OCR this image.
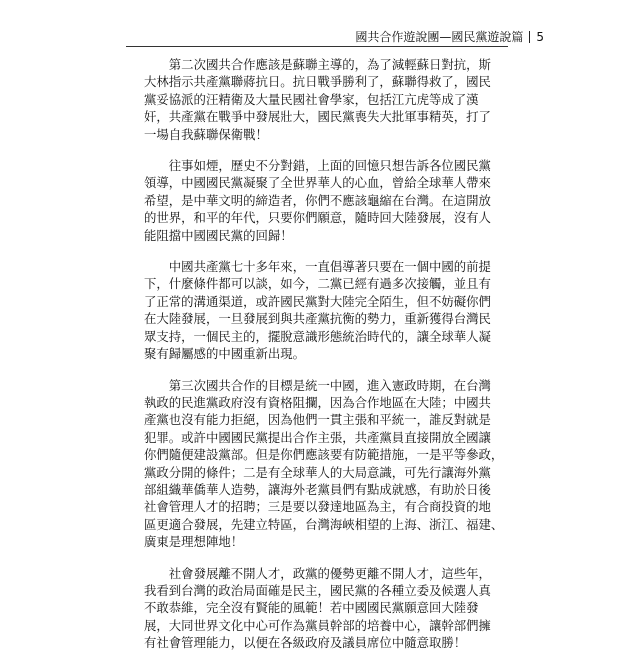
國共合作遊說團—國民黨遊說篇 5

第二次國共合作應該是蘇聯主導的，為了減輕蘇日對抗，斯
大林指示共產黨聯蔣抗日。抗日戰爭勝利了，蘇聯得救了，國民
黨妥協派的汪精衛及大量民國社會學家，包括江亢虎等成了漢
奸，共產黨在戰爭中發展壯大，國民黨喪失大批軍事精英，打了
一場自我蘇聯保衛戰！

往事如煙，歷史不分對錯，上面的回憶只想告訴各位國民黨
領導，中國國民黨凝聚了全世界華人的心血，曾給全球華人帶來
希望，是中華文明的締造者，你們不應該龜縮在台灣。在這開放
的世界，和平的年代，只要你們願意，隨時回大陸發展，沒有人
能阻擋中國國民黨的回歸！

中國共產黨七十多年來，一直倡導著只要在一個中國的前提
下，什麼條件都可以談，如今，二黨已經有過多次接觸，並且有
了正常的溝通渠道，或許國民黨對大陸完全陌生，但不妨礙你們
在大陸發展，一旦發展到與共產黨抗衡的勢力，重新獲得台灣民
眾支持，一個民主的，擺脫意識形態統治時代的，讓全球華人凝
聚有歸屬感的中國重新出現。

第三次國共合作的目標是統一中國，進入憲政時期，在台灣
執政的民進黨政府沒有資格阻攔，因為合作地區在大陸；中國共
產黨也沒有能力拒絕，因為他們一貫主張和平統一，誰反對就是
犯罪。或許中國國民黨提出合作主張，共產黨員直接開放全國讓
你們隨便建設黨部。但是你們應該要有防範措施，一是平等參政，
黨政分開的條件；二是有全球華人的大局意識，可先行讓海外黨
部組織華僑華人造勢，讓海外老黨員們有點成就感，有助於日後
社會管理人才的招聘；三是要以發達地區為主，有合商投資的地
區更適合發展，先建立特區，台灣海峽相望的上海、浙江、福建、
廣東是理想陣地！

社會發展離不開人才，政黨的優勢更離不開人才，這些年，
我看到台灣的政治局面確是民主，國民黨的各種立委及候選人真
不敢恭維，完全沒有賢能的風範！若中國國民黨願意回大陸發
展，大同世界文化中心可作為黨員幹部的培養中心，讓幹部們擁
有社會管理能力，以便在各級政府及議員席位中隨意取勝！
